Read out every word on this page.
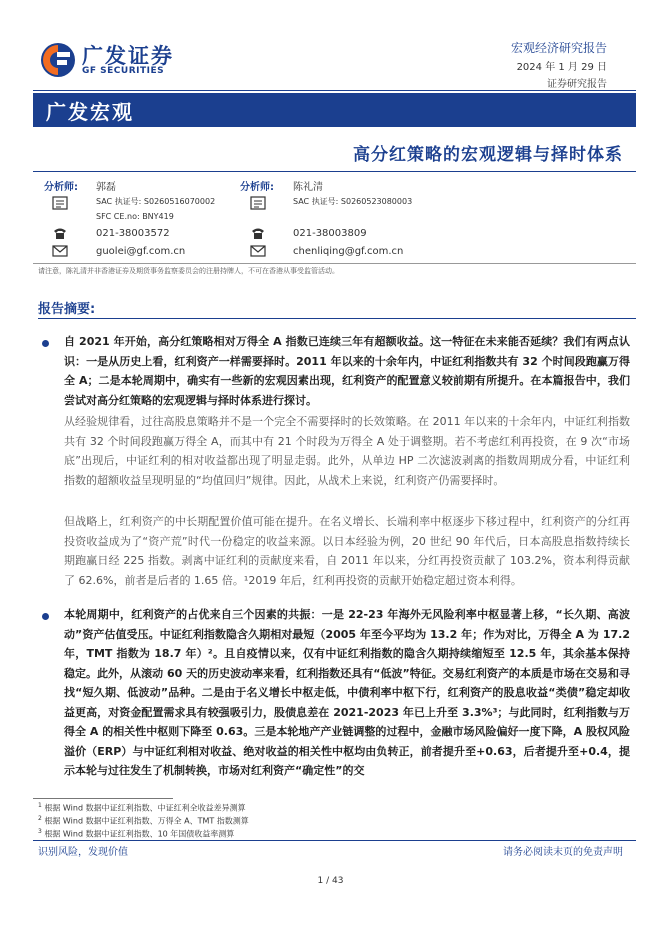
广发证券
GF SECURITIES
宏观经济研究报告
2024 年 1 月 29 日
证券研究报告
广发宏观
高分红策略的宏观逻辑与择时体系
分析师: 郭磊
SAC 执证号: S0260516070002
SFC CE.no: BNY419
021-38003572
guolei@gf.com.cn
分析师: 陈礼清
SAC 执证号: S0260523080003
021-38003809
chenliqing@gf.com.cn
请注意，陈礼清并非香港证券及期货事务监察委员会的注册持牌人，不可在香港从事受监管活动。
报告摘要:
自 2021 年开始，高分红策略相对万得全 A 指数已连续三年有超额收益。这一特征在未来能否延续？我们有两点认识：一是从历史上看，红利资产一样需要择时。2011 年以来的十余年内，中证红利指数共有 32 个时间段跑赢万得全 A；二是本轮周期中，确实有一些新的宏观因素出现，红利资产的配置意义较前期有所提升。在本篇报告中，我们尝试对高分红策略的宏观逻辑与择时体系进行探讨。
从经验规律看，过往高股息策略并不是一个完全不需要择时的长效策略。在 2011 年以来的十余年内，中证红利指数共有 32 个时间段跑赢万得全 A，而其中有 21 个时段为万得全 A 处于调整期。若不考虑红利再投资，在 9 次“市场底”出现后，中证红利的相对收益都出现了明显走弱。此外，从单边 HP 二次滤波剥离的指数周期成分看，中证红利指数的超额收益呈现明显的“均值回归”规律。因此，从战术上来说，红利资产仍需要择时。
但战略上，红利资产的中长期配置价值可能在提升。在名义增长、长端利率中枢逐步下移过程中，红利资产的分红再投资收益成为了“资产荒”时代一份稳定的收益来源。以日本经验为例，20 世纪 90 年代后，日本高股息指数持续长期跑赢日经 225 指数。剥离中证红利的贡献度来看，自 2011 年以来，分红再投资贡献了 103.2%，资本利得贡献了 62.6%，前者是后者的 1.65 倍。¹2019 年后，红利再投资的贡献开始稳定超过资本利得。
本轮周期中，红利资产的占优来自三个因素的共振：一是 22-23 年海外无风险利率中枢显著上移，“长久期、高波动”资产估值受压。中证红利指数隐含久期相对最短（2005 年至今平均为 13.2 年；作为对比，万得全 A 为 17.2 年，TMT 指数为 18.7 年）²。且自疫情以来，仅有中证红利指数的隐含久期持续缩短至 12.5 年，其余基本保持稳定。此外，从滚动 60 天的历史波动率来看，红利指数还具有“低波”特征。交易红利资产的本质是市场在交易和寻找“短久期、低波动”品种。二是由于名义增长中枢走低，中债利率中枢下行，红利资产的股息收益“类债”稳定却收益更高，对资金配置需求具有较强吸引力，股债息差在 2021-2023 年已上升至 3.3%³；与此同时，红利指数与万得全 A 的相关性中枢则下降至 0.63。三是本轮地产产业链调整的过程中，金融市场风险偏好一度下降，A 股权风险溢价（ERP）与中证红利相对收益、绝对收益的相关性中枢均由负转正，前者提升至+0.63，后者提升至+0.4，提示本轮与过往发生了机制转换，市场对红利资产“确定性”的交
$^1$ 根据 Wind 数据中证红利指数、中证红利全收益差异测算
$^2$ 根据 Wind 数据中证红利指数、万得全 A、TMT 指数测算
$^3$ 根据 Wind 数据中证红利指数、10 年国债收益率测算
识别风险，发现价值	请务必阅读末页的免责声明
1 / 43
